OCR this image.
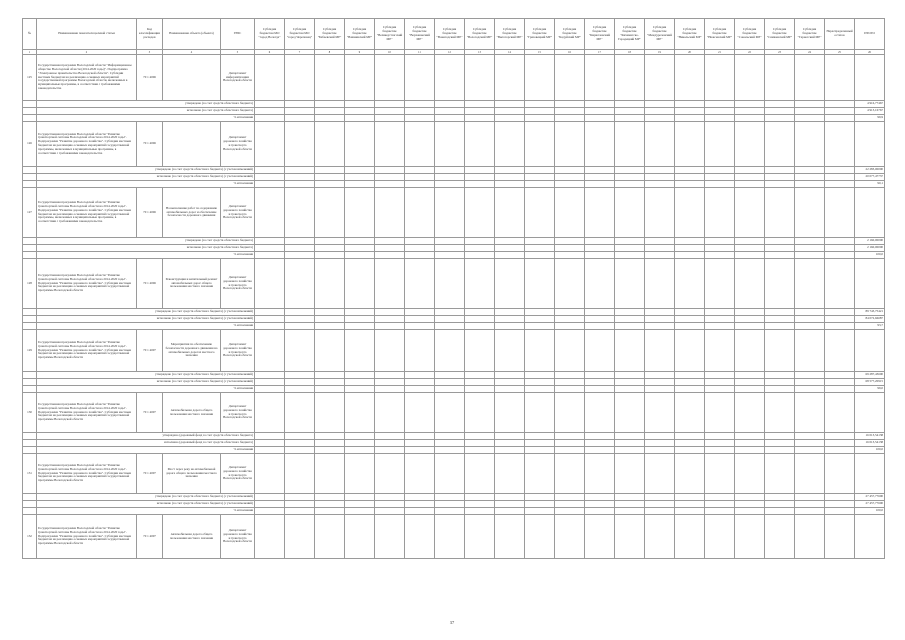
№	Наименование показателя целевой статьи	Код классификации расходов	Наименование объекта (объекта)	ГРБС	Субсидия бюджетам МО "город Вологда"	Субсидия бюджетам МО "город Череповец"	Субсидия бюджетам "Бабаевский МР"	Субсидия бюджетам "Вашкинский МР"	Субсидия бюджетам "Великоустюгский МР"	Субсидия бюджетам "Верховажский МР"	Субсидия бюджетам "Вожегодский МР"	Субсидия бюджетам "Вологодский МР"	Субсидия бюджетам "Вытегорский МР"	Субсидия бюджетам "Грязовецкий МР"	Субсидия бюджетам "Кадуйский МР"	Субсидия бюджетам "Кирилловский МР"	Субсидия бюджетам "Кичменгско-Городецкий МР"	Субсидия бюджетам "Междуреченский МР"	Субсидия бюджетам "Никольский МР"	Субсидия бюджетам "Нюксенский МР"	Субсидия бюджетам "Сокольский МР"	Субсидия бюджетам "Сямженский МР"	Субсидия бюджетам "Тарногский МР"	Нераспределенный остаток	ИТОГО
1	2	3	4	5	6	7	8	9	10	11	12	13	14	15	16	17	18	19	20	21	22	23	24	25	26
125	Государственная программа Вологодской области "Информационное общество Вологодской области (2014-2020 годы)". Подпрограмма "Электронное правительство Вологодской области". Субсидии местным бюджетам на реализацию основных мероприятий государственной программы Вологодской области, включенных в муниципальные программы, в соответствии с требованиями законодательства	70 1 4006		Департамент информатизации Вологодской области																					
	утверждено (за счет средств областного бюджета)																								4 916,77467
	исполнено (за счет средств областного бюджета)																								4 913,16767
	% исполнения																								99,9
126	Государственная программа Вологодской области "Развитие транспортной системы Вологодской области на 2014-2020 годы". Подпрограмма "Развитие дорожного хозяйства". Субсидии местным бюджетам на реализацию основных мероприятий государственной программы, включенных в муниципальные программы, в соответствии с требованиями законодательства	70 1 4006		Департамент дорожного хозяйства и транспорта Вологодской области																					
	утверждено (за счет средств областного бюджета) (с учетом изменений)																								22 283,00000
	исполнено (за счет средств областного бюджета) (с учетом изменений)																								20 077,47737
	% исполнения																								90,1
127	Государственная программа Вологодской области "Развитие транспортной системы Вологодской области на 2014-2020 годы". Подпрограмма "Развитие дорожного хозяйства". Субсидии местным бюджетам на реализацию основных мероприятий государственной программы, включенных в муниципальные программы, в соответствии с требованиями законодательства	70 1 4006	На выполнение работ по содержанию автомобильных дорог и обеспечение безопасности дорожного движения	Департамент дорожного хозяйства и транспорта Вологодской области																					
	утверждено (за счет средств областного бюджета)																								2 160,00000
	исполнено (за счет средств областного бюджета)																								2 160,00000
	% исполнения																								100,0
128	Государственная программа Вологодской области "Развитие транспортной системы Вологодской области на 2014-2020 годы". Подпрограмма "Развитие дорожного хозяйства". Субсидии местным бюджетам на реализацию основных мероприятий государственной программы Вологодской области	70 1 4006	Реконструкция и капитальный ремонт автомобильных дорог общего пользования местного значения	Департамент дорожного хозяйства и транспорта Вологодской области																					
	утверждено (за счет средств областного бюджета) (с учетом изменений)																								89 743,75421
	исполнено (за счет средств областного бюджета) (с учетом изменений)																								84 072,66687
	% исполнения																								93,7
129	Государственная программа Вологодской области "Развитие транспортной системы Вологодской области на 2014-2020 годы". Подпрограмма "Развитие дорожного хозяйства". Субсидии местным бюджетам на реализацию основных мероприятий государственной программы Вологодской области	70 1 4007	Мероприятия по обеспечению безопасности дорожного движения на автомобильных дорогах местного значения	Департамент дорожного хозяйства и транспорта Вологодской области																					
	утверждено (за счет средств областного бюджета) (с учетом изменений)																								69 287,43600
	исполнено (за счет средств областного бюджета) (с учетом изменений)																								68 577,20915
	% исполнения																								99,0
130	Государственная программа Вологодской области "Развитие транспортной системы Вологодской области на 2014-2020 годы". Подпрограмма "Развитие дорожного хозяйства". Субсидии местным бюджетам на реализацию основных мероприятий государственной программы Вологодской области	70 1 4007	Автомобильная дорога общего пользования местного значения	Департамент дорожного хозяйства и транспорта Вологодской области																					
	утверждено (дорожный фонд за счет средств областного бюджета)																								16 013,54138
	исполнено (дорожный фонд за счет средств областного бюджета)																								16 013,54138
	% исполнения																								100,0
131	Государственная программа Вологодской области "Развитие транспортной системы Вологодской области на 2014-2020 годы". Подпрограмма "Развитие дорожного хозяйства". Субсидии местным бюджетам на реализацию основных мероприятий государственной программы Вологодской области	70 1 4007	Мост через реку на автомобильной дороге общего пользования местного значения	Департамент дорожного хозяйства и транспорта Вологодской области																					
	утверждено (за счет средств областного бюджета) (с учетом изменений)																								27 457,77600
	исполнено (за счет средств областного бюджета) (с учетом изменений)																								27 457,77600
	% исполнения																								100,0
132	Государственная программа Вологодской области "Развитие транспортной системы Вологодской области на 2014-2020 годы". Подпрограмма "Развитие дорожного хозяйства". Субсидии местным бюджетам на реализацию основных мероприятий государственной программы Вологодской области	70 1 4007	Автомобильная дорога общего пользования местного значения	Департамент дорожного хозяйства и транспорта Вологодской области																					
37
